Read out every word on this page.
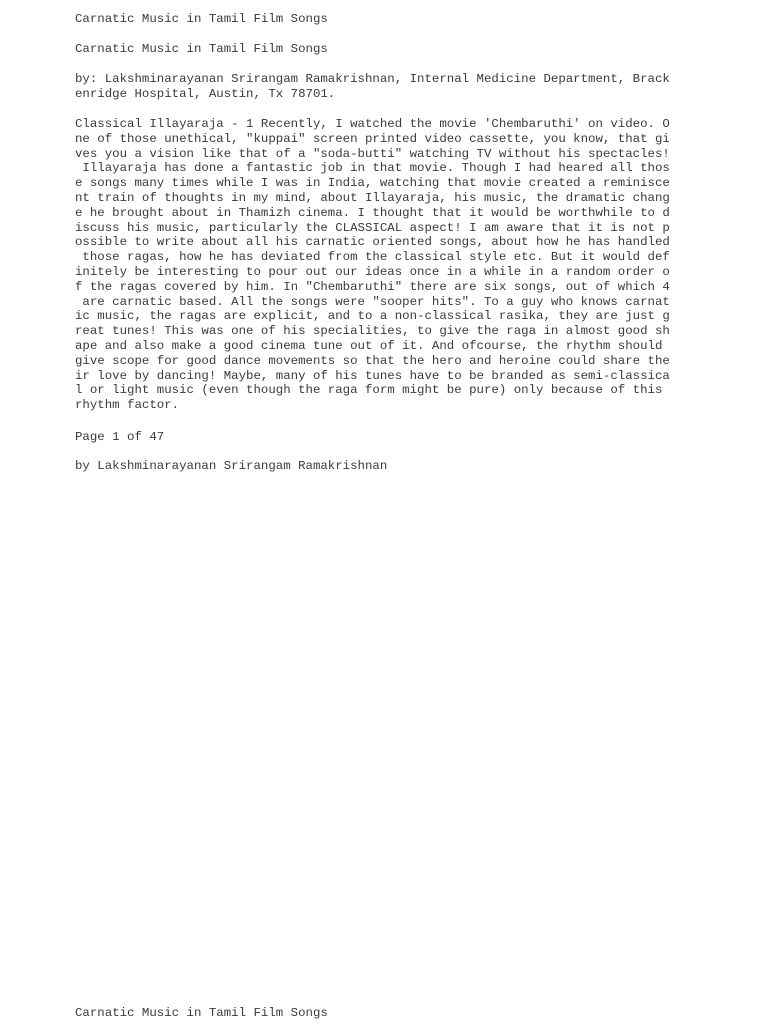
Carnatic Music in Tamil Film Songs
Carnatic Music in Tamil Film Songs
by: Lakshminarayanan Srirangam Ramakrishnan, Internal Medicine Department, Brack
enridge Hospital, Austin, Tx 78701.
Classical Illayaraja - 1 Recently, I watched the movie 'Chembaruthi' on video. O
ne of those unethical, "kuppai" screen printed video cassette, you know, that gi
ves you a vision like that of a "soda-butti" watching TV without his spectacles!
Illayaraja has done a fantastic job in that movie. Though I had heared all thos
e songs many times while I was in India, watching that movie created a reminisce
nt train of thoughts in my mind, about Illayaraja, his music, the dramatic chang
e he brought about in Thamizh cinema. I thought that it would be worthwhile to d
iscuss his music, particularly the CLASSICAL aspect! I am aware that it is not p
ossible to write about all his carnatic oriented songs, about how he has handled
those ragas, how he has deviated from the classical style etc. But it would def
initely be interesting to pour out our ideas once in a while in a random order o
f the ragas covered by him. In "Chembaruthi" there are six songs, out of which 4
are carnatic based. All the songs were "sooper hits". To a guy who knows carnat
ic music, the ragas are explicit, and to a non-classical rasika, they are just g
reat tunes! This was one of his specialities, to give the raga in almost good sh
ape and also make a good cinema tune out of it. And ofcourse, the rhythm should
give scope for good dance movements so that the hero and heroine could share the
ir love by dancing! Maybe, many of his tunes have to be branded as semi-classica
l or light music (even though the raga form might be pure) only because of this
rhythm factor.
Page 1 of 47
by Lakshminarayanan Srirangam Ramakrishnan
Carnatic Music in Tamil Film Songs
